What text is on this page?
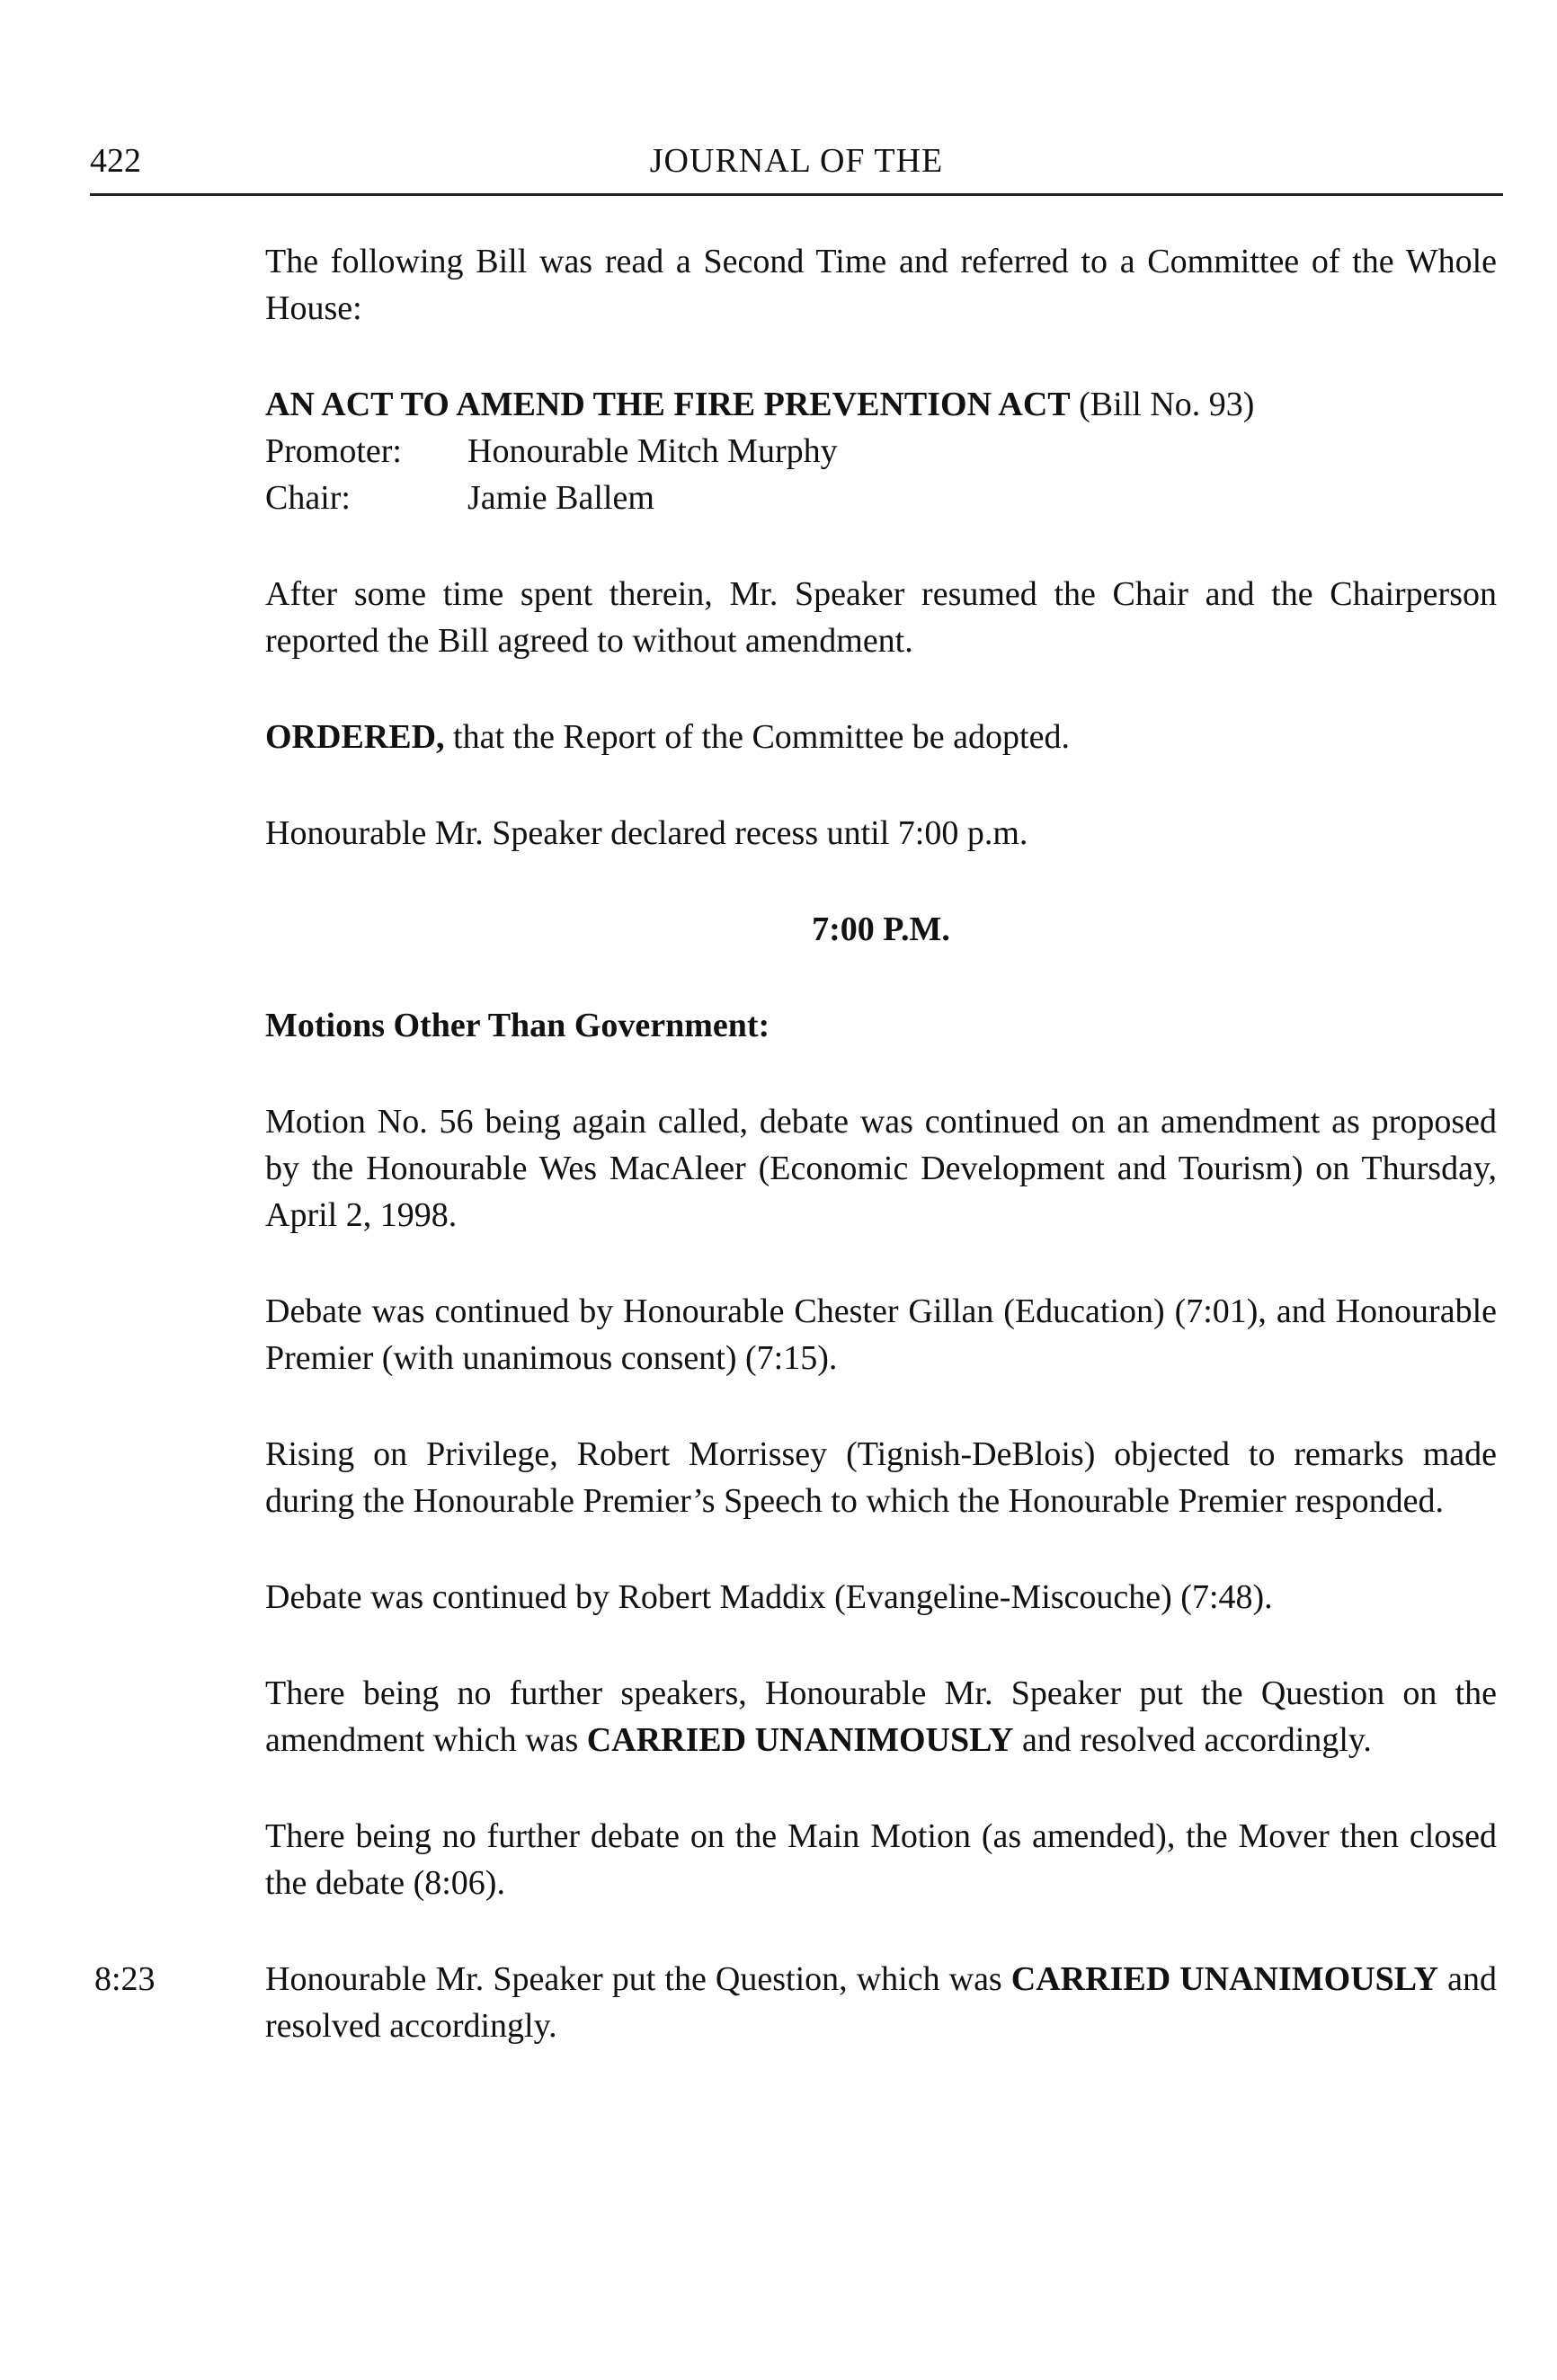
422	JOURNAL OF THE

The following Bill was read a Second Time and referred to a Committee of the Whole House:

AN ACT TO AMEND THE FIRE PREVENTION ACT (Bill No. 93)

Promoter:	Honourable Mitch Murphy
Chair:	Jamie Ballem

After some time spent therein, Mr. Speaker resumed the Chair and the Chairperson reported the Bill agreed to without amendment.

ORDERED, that the Report of the Committee be adopted.

Honourable Mr. Speaker declared recess until 7:00 p.m.

7:00 P.M.

Motions Other Than Government:

Motion No. 56 being again called, debate was continued on an amendment as proposed by the Honourable Wes MacAleer (Economic Development and Tourism) on Thursday, April 2, 1998.

Debate was continued by Honourable Chester Gillan (Education) (7:01), and Honourable Premier (with unanimous consent) (7:15).

Rising on Privilege, Robert Morrissey (Tignish-DeBlois) objected to remarks made during the Honourable Premier’s Speech to which the Honourable Premier responded.

Debate was continued by Robert Maddix (Evangeline-Miscouche) (7:48).

There being no further speakers, Honourable Mr. Speaker put the Question on the amendment which was CARRIED UNANIMOUSLY and resolved accordingly.

There being no further debate on the Main Motion (as amended), the Mover then closed the debate (8:06).

8:23	Honourable Mr. Speaker put the Question, which was CARRIED UNANIMOUSLY and resolved accordingly.
